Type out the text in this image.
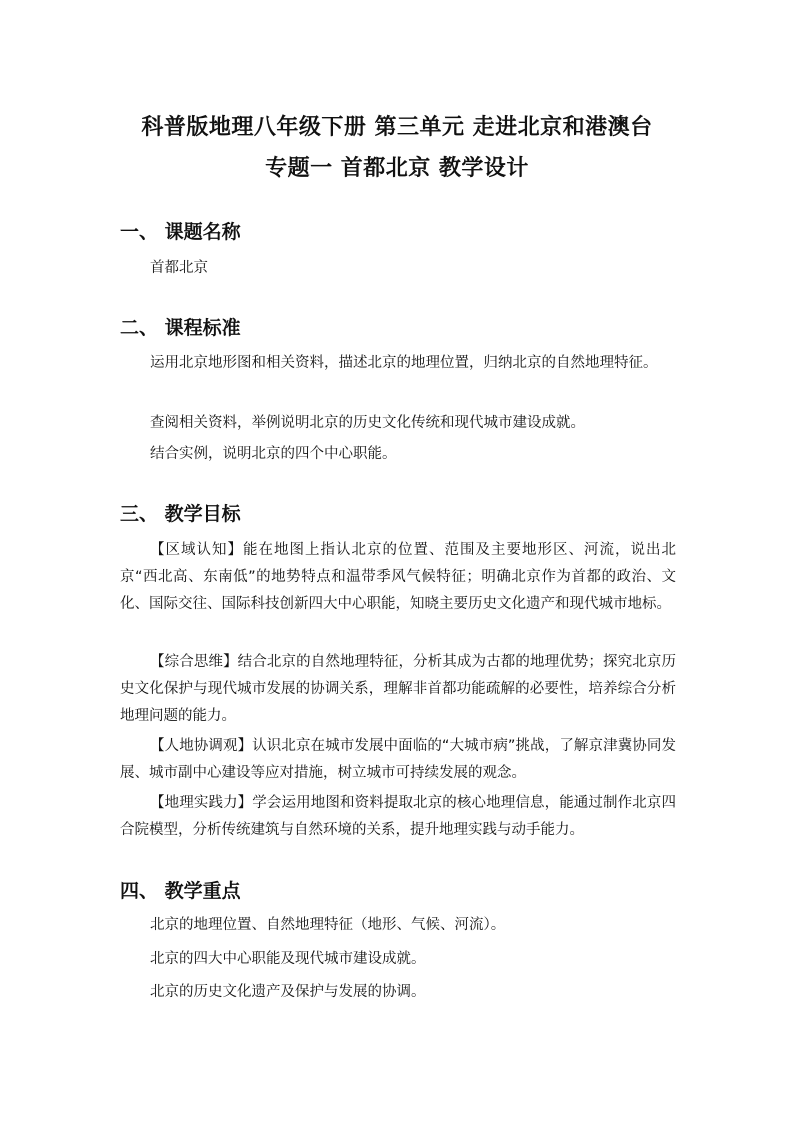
科普版地理八年级下册 第三单元 走进北京和港澳台
专题一 首都北京 教学设计
一、 课题名称
首都北京
二、 课程标准
运用北京地形图和相关资料，描述北京的地理位置，归纳北京的自然地理特征。
查阅相关资料，举例说明北京的历史文化传统和现代城市建设成就。
结合实例，说明北京的四个中心职能。
三、 教学目标
【区域认知】能在地图上指认北京的位置、范围及主要地形区、河流，说出北京“西北高、东南低”的地势特点和温带季风气候特征；明确北京作为首都的政治、文化、国际交往、国际科技创新四大中心职能，知晓主要历史文化遗产和现代城市地标。
【综合思维】结合北京的自然地理特征，分析其成为古都的地理优势；探究北京历史文化保护与现代城市发展的协调关系，理解非首都功能疏解的必要性，培养综合分析地理问题的能力。
【人地协调观】认识北京在城市发展中面临的“大城市病”挑战，了解京津冀协同发展、城市副中心建设等应对措施，树立城市可持续发展的观念。
【地理实践力】学会运用地图和资料提取北京的核心地理信息，能通过制作北京四合院模型，分析传统建筑与自然环境的关系，提升地理实践与动手能力。
四、 教学重点
北京的地理位置、自然地理特征（地形、气候、河流）。
北京的四大中心职能及现代城市建设成就。
北京的历史文化遗产及保护与发展的协调。
